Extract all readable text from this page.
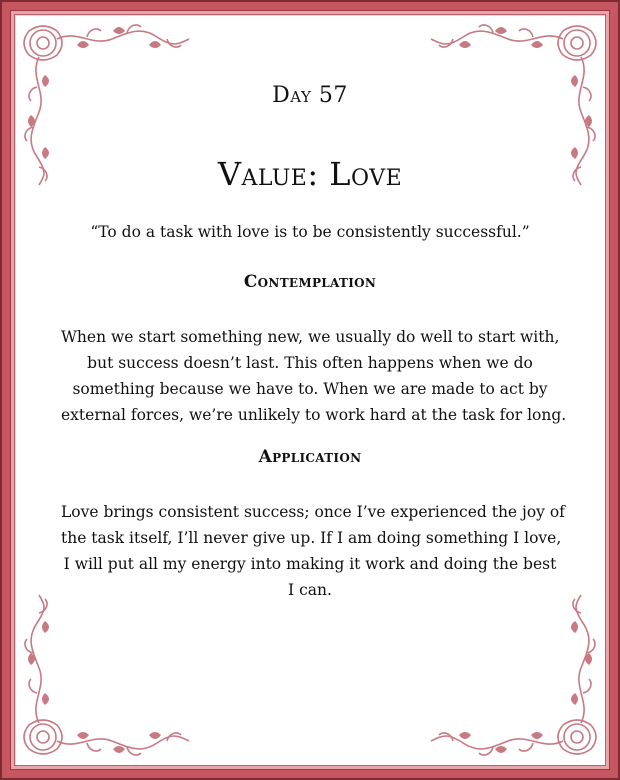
Day 57
Value: Love
“To do a task with love is to be consistently successful.”
Contemplation
When we start something new, we usually do well to start with,
but success doesn’t last. This often happens when we do
something because we have to. When we are made to act by
external forces, we’re unlikely to work hard at the task for long.
Application
Love brings consistent success; once I’ve experienced the joy of
the task itself, I’ll never give up. If I am doing something I love,
I will put all my energy into making it work and doing the best
I can.
